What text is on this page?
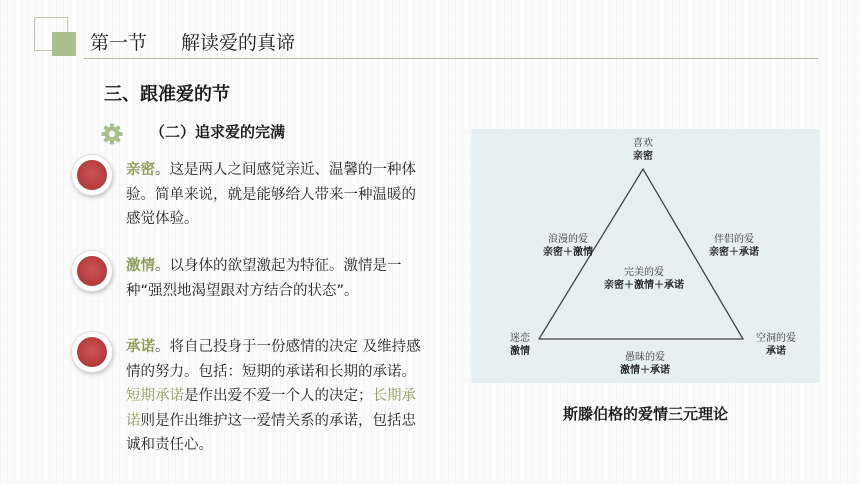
第一节 解读爱的真谛
三、跟准爱的节
（二）追求爱的完满
亲密。这是两人之间感觉亲近、温馨的一种体验。简单来说，就是能够给人带来一种温暖的感觉体验。
激情。以身体的欲望激起为特征。激情是一 种“强烈地渴望跟对方结合的状态”。
承诺。将自己投身于一份感情的决定 及维持感情的努力。包括：短期的承诺和长期的承诺。短期承诺是作出爱不爱一个人的决定；长期承诺则是作出维护这一爱情关系的承诺，包括忠诚和责任心。
喜欢
亲密
浪漫的爱
亲密＋激情
伴侣的爱
亲密＋承诺
完美的爱
亲密＋激情＋承诺
迷恋
激情
空洞的爱
承诺
愚昧的爱
激情＋承诺
斯滕伯格的爱情三元理论
